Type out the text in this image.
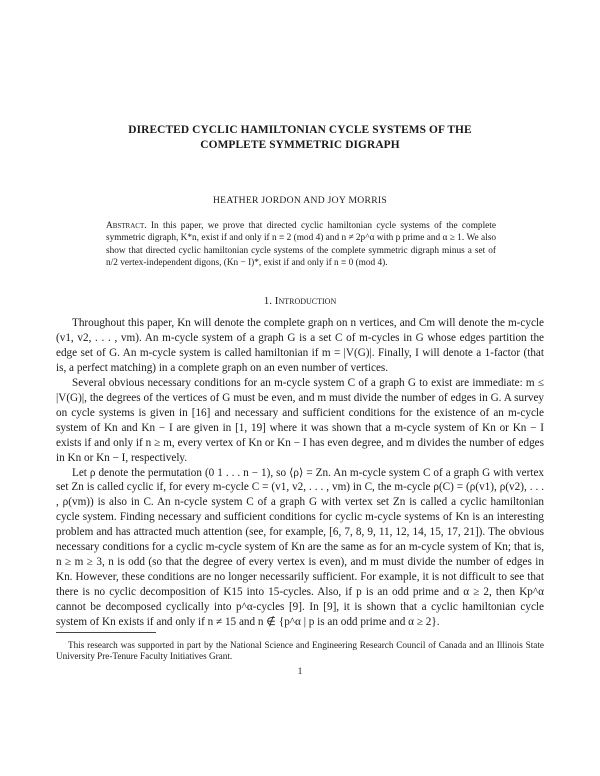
DIRECTED CYCLIC HAMILTONIAN CYCLE SYSTEMS OF THE
COMPLETE SYMMETRIC DIGRAPH
HEATHER JORDON AND JOY MORRIS
Abstract. In this paper, we prove that directed cyclic hamiltonian cycle systems of the complete symmetric digraph, K*n, exist if and only if n ≡ 2 (mod 4) and n ≠ 2p^α with p prime and α ≥ 1. We also show that directed cyclic hamiltonian cycle systems of the complete symmetric digraph minus a set of n/2 vertex-independent digons, (Kn − I)*, exist if and only if n ≡ 0 (mod 4).
1. Introduction

Throughout this paper, Kn will denote the complete graph on n vertices, and Cm will denote the m-cycle (v1, v2, . . . , vm). An m-cycle system of a graph G is a set C of m-cycles in G whose edges partition the edge set of G. An m-cycle system is called hamiltonian if m = |V(G)|. Finally, I will denote a 1-factor (that is, a perfect matching) in a complete graph on an even number of vertices.

Several obvious necessary conditions for an m-cycle system C of a graph G to exist are immediate: m ≤ |V(G)|, the degrees of the vertices of G must be even, and m must divide the number of edges in G. A survey on cycle systems is given in [16] and necessary and sufficient conditions for the existence of an m-cycle system of Kn and Kn − I are given in [1, 19] where it was shown that a m-cycle system of Kn or Kn − I exists if and only if n ≥ m, every vertex of Kn or Kn − I has even degree, and m divides the number of edges in Kn or Kn − I, respectively.

Let ρ denote the permutation (0 1 . . . n − 1), so ⟨ρ⟩ = Zn. An m-cycle system C of a graph G with vertex set Zn is called cyclic if, for every m-cycle C = (v1, v2, . . . , vm) in C, the m-cycle ρ(C) = (ρ(v1), ρ(v2), . . . , ρ(vm)) is also in C. An n-cycle system C of a graph G with vertex set Zn is called a cyclic hamiltonian cycle system. Finding necessary and sufficient conditions for cyclic m-cycle systems of Kn is an interesting problem and has attracted much attention (see, for example, [6, 7, 8, 9, 11, 12, 14, 15, 17, 21]). The obvious necessary conditions for a cyclic m-cycle system of Kn are the same as for an m-cycle system of Kn; that is, n ≥ m ≥ 3, n is odd (so that the degree of every vertex is even), and m must divide the number of edges in Kn. However, these conditions are no longer necessarily sufficient. For example, it is not difficult to see that there is no cyclic decomposition of K15 into 15-cycles. Also, if p is an odd prime and α ≥ 2, then Kp^α cannot be decomposed cyclically into p^α-cycles [9]. In [9], it is shown that a cyclic hamiltonian cycle system of Kn exists if and only if n ≠ 15 and n ∉ {p^α | p is an odd prime and α ≥ 2}.

This research was supported in part by the National Science and Engineering Research Council of Canada and an Illinois State University Pre-Tenure Faculty Initiatives Grant.
1
